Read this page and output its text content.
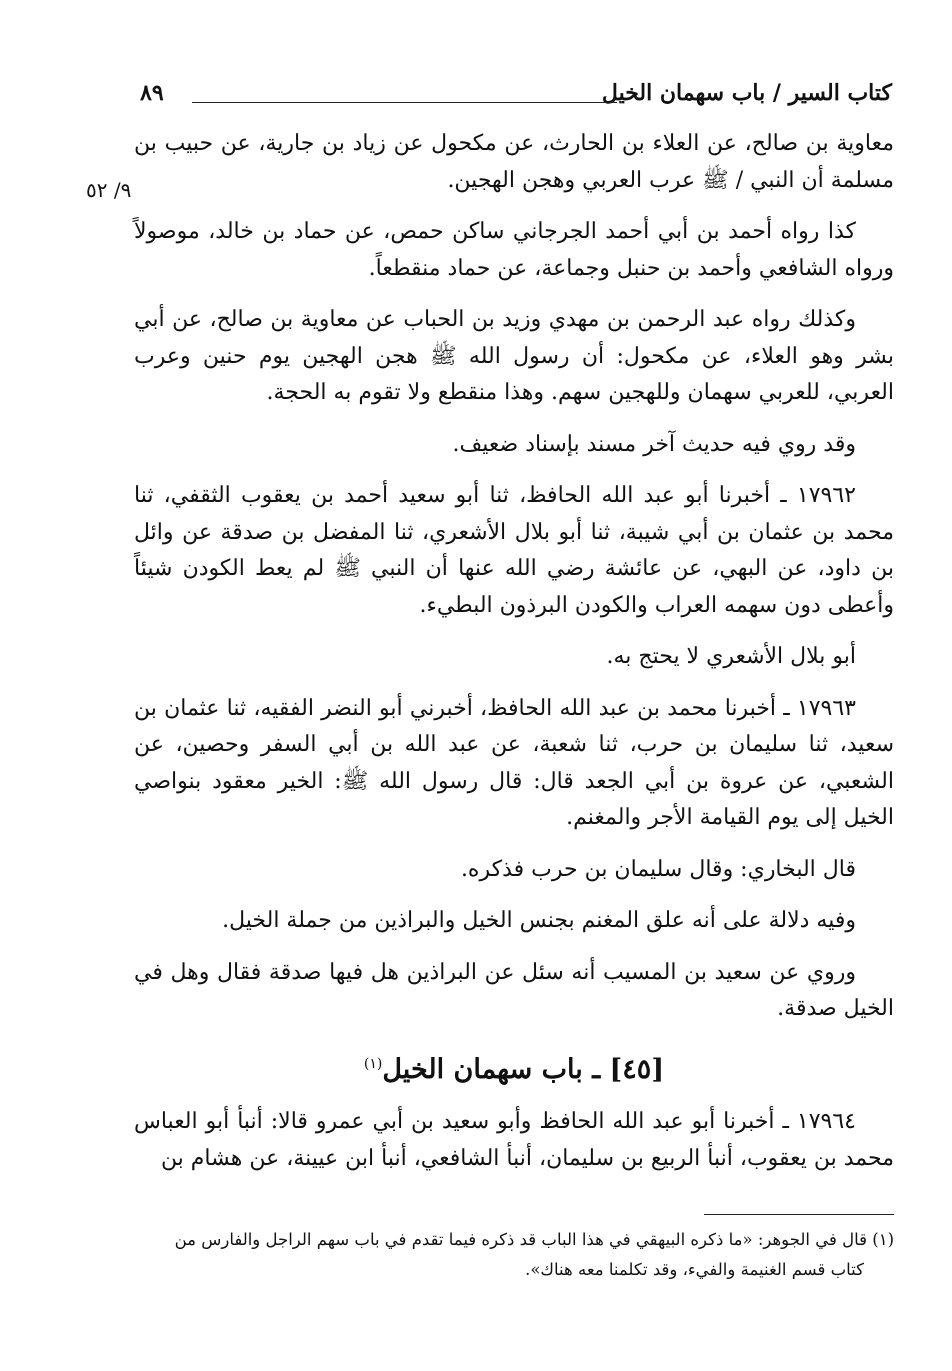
كتاب السير / باب سهمان الخيل
٨٩
٩/ ٥٢

معاوية بن صالح، عن العلاء بن الحارث، عن مكحول عن زياد بن جارية، عن حبيب بن مسلمة أن النبي / ﷺ عرب العربي وهجن الهجين.

كذا رواه أحمد بن أبي أحمد الجرجاني ساكن حمص، عن حماد بن خالد، موصولاً ورواه الشافعي وأحمد بن حنبل وجماعة، عن حماد منقطعاً.

وكذلك رواه عبد الرحمن بن مهدي وزيد بن الحباب عن معاوية بن صالح، عن أبي بشر وهو العلاء، عن مكحول: أن رسول الله ﷺ هجن الهجين يوم حنين وعرب العربي، للعربي سهمان وللهجين سهم. وهذا منقطع ولا تقوم به الحجة.

وقد روي فيه حديث آخر مسند بإسناد ضعيف.

١٧٩٦٢ ـ أخبرنا أبو عبد الله الحافظ، ثنا أبو سعيد أحمد بن يعقوب الثقفي، ثنا محمد بن عثمان بن أبي شيبة، ثنا أبو بلال الأشعري، ثنا المفضل بن صدقة عن وائل بن داود، عن البهي، عن عائشة رضي الله عنها أن النبي ﷺ لم يعط الكودن شيئاً وأعطى دون سهمه العراب والكودن البرذون البطيء.

أبو بلال الأشعري لا يحتج به.

١٧٩٦٣ ـ أخبرنا محمد بن عبد الله الحافظ، أخبرني أبو النضر الفقيه، ثنا عثمان بن سعيد، ثنا سليمان بن حرب، ثنا شعبة، عن عبد الله بن أبي السفر وحصين، عن الشعبي، عن عروة بن أبي الجعد قال: قال رسول الله ﷺ: الخير معقود بنواصي الخيل إلى يوم القيامة الأجر والمغنم.

قال البخاري: وقال سليمان بن حرب فذكره.

وفيه دلالة على أنه علق المغنم بجنس الخيل والبراذين من جملة الخيل.

وروي عن سعيد بن المسيب أنه سئل عن البراذين هل فيها صدقة فقال وهل في الخيل صدقة.

[٤٥] ـ باب سهمان الخيل$^{(١)}$

١٧٩٦٤ ـ أخبرنا أبو عبد الله الحافظ وأبو سعيد بن أبي عمرو قالا: أنبأ أبو العباس محمد بن يعقوب، أنبأ الربيع بن سليمان، أنبأ الشافعي، أنبأ ابن عيينة، عن هشام بن

(١) قال في الجوهر: «ما ذكره البيهقي في هذا الباب قد ذكره فيما تقدم في باب سهم الراجل والفارس من

كتاب قسم الغنيمة والفيء، وقد تكلمنا معه هناك».
